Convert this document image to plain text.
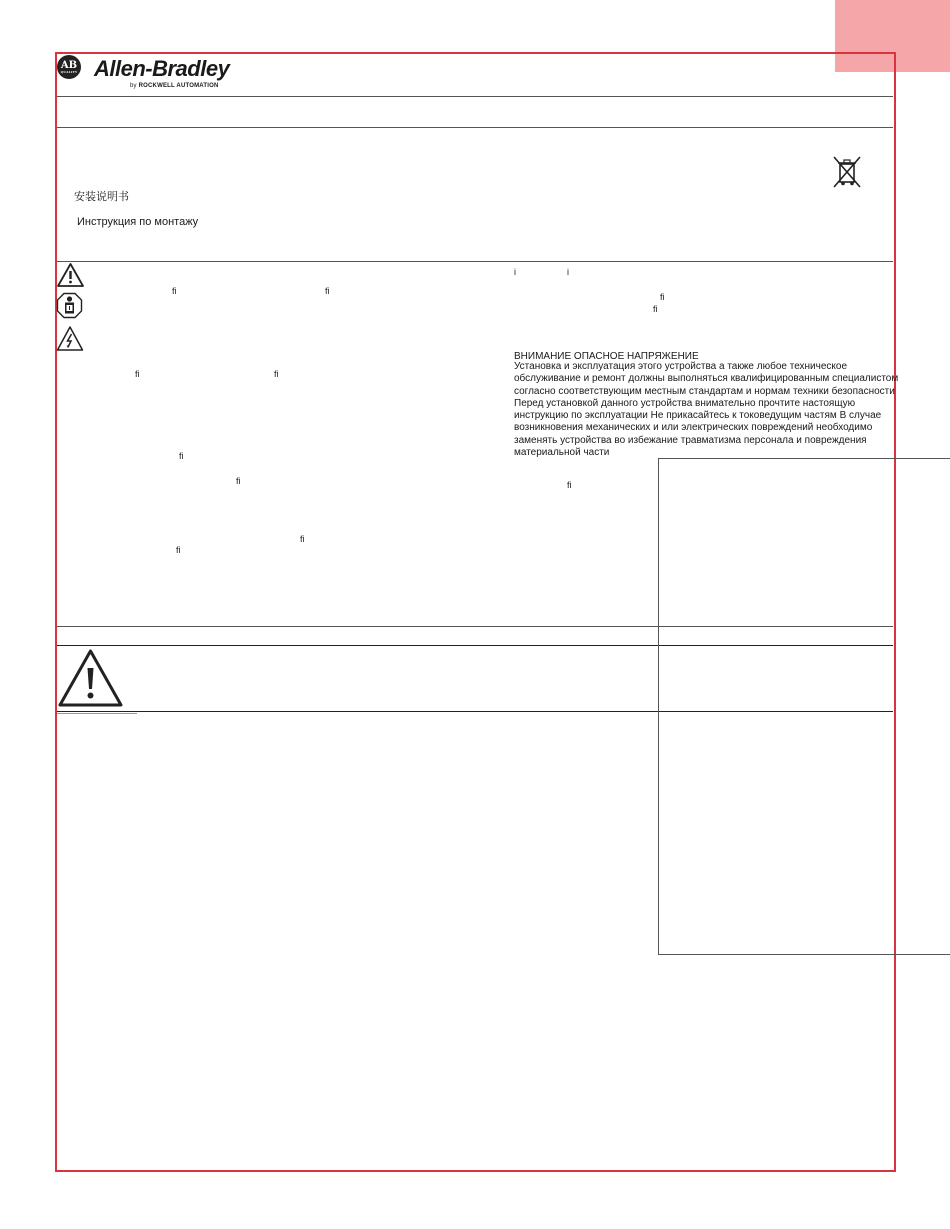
AB
QUALITY Allen-Bradley
by ROCKWELL AUTOMATION
安装说明书
Инструкция по монтажу
ﬁ	ﬁ
ﬁ	ﬁ
ﬁ
ﬁ
ﬁ
ﬁ
i	i
ﬁ
ﬁ
ВНИМАНИЕ ОПАСНОЕ НАПРЯЖЕНИЕ
Установка и эксплуатация этого устройства а также любое техническое
обслуживание и ремонт должны выполняться квалифицированным специалистом
согласно соответствующим местным стандартам и нормам техники безопасности
Перед установкой данного устройства внимательно прочтите настоящую
инструкцию по эксплуатации Не прикасайтесь к токоведущим частям В случае
возникновения механических и или электрических повреждений необходимо
заменять устройства во избежание травматизма персонала и повреждения
материальной части
ﬁ
